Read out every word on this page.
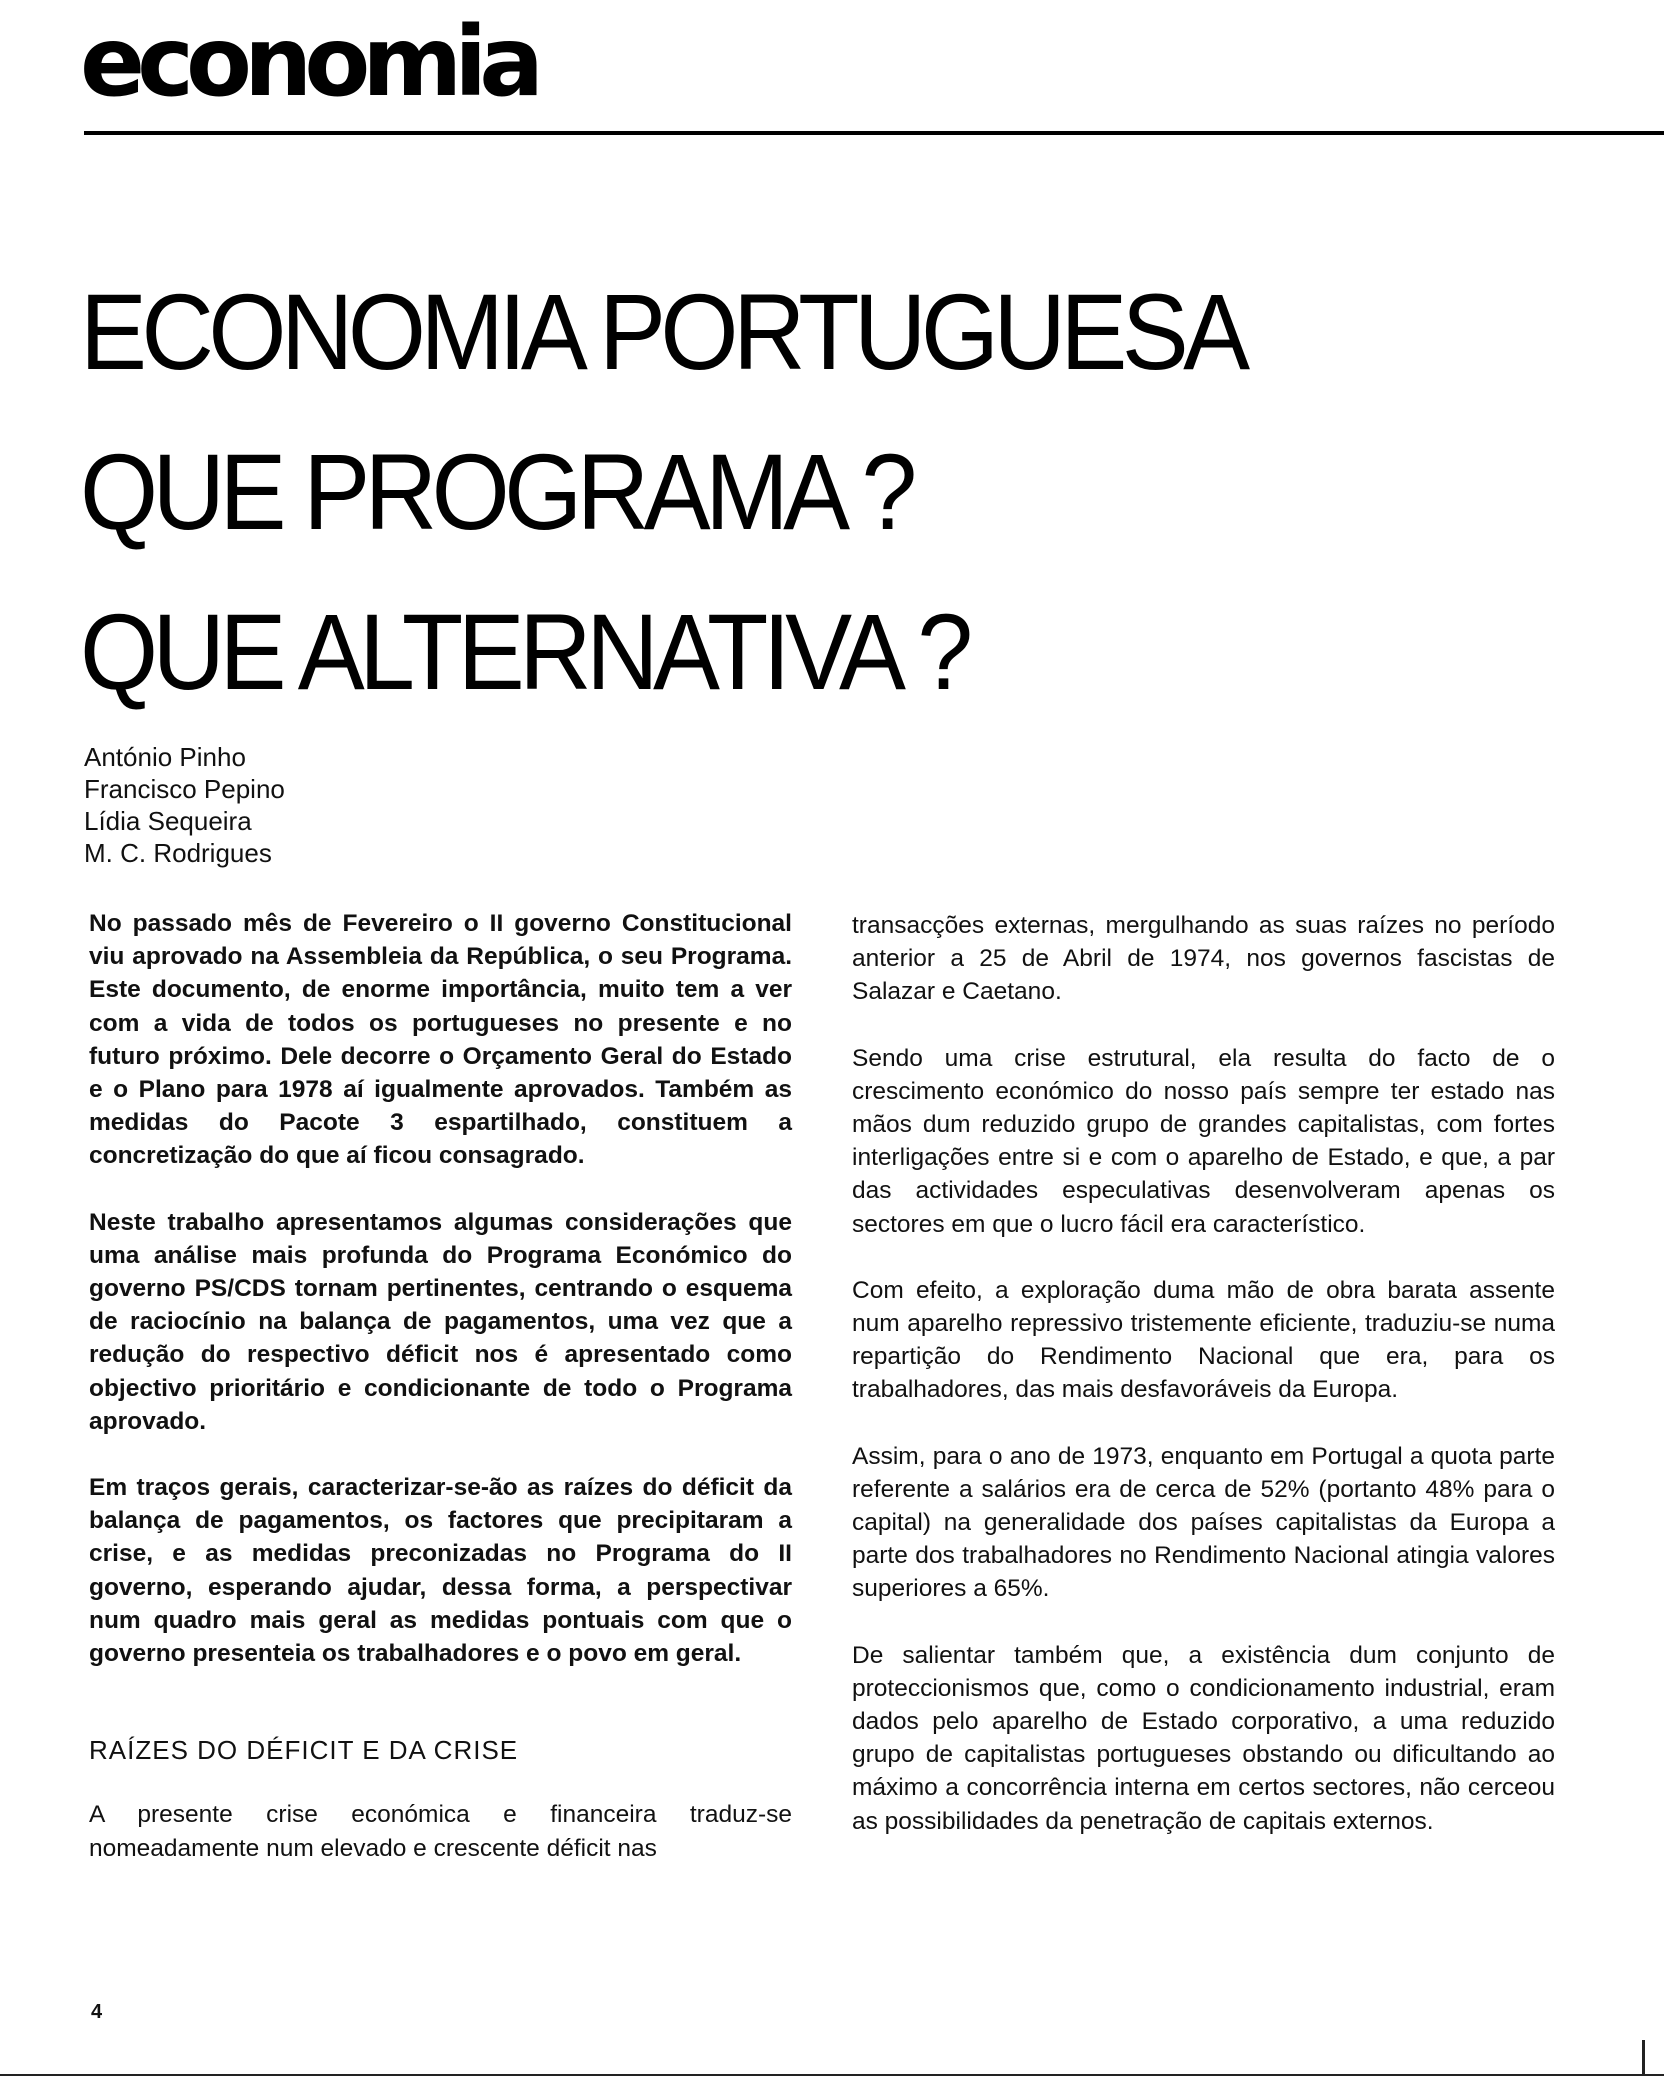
economia
ECONOMIA PORTUGUESA
QUE PROGRAMA ?
QUE ALTERNATIVA ?
António Pinho
Francisco Pepino
Lídia Sequeira
M. C. Rodrigues

No passado mês de Fevereiro o II governo Constitucional viu aprovado na Assembleia da República, o seu Programa. Este documento, de enorme importância, muito tem a ver com a vida de todos os portugueses no presente e no futuro próximo. Dele decorre o Orçamento Geral do Estado e o Plano para 1978 aí igualmente aprovados. Também as medidas do Pacote 3 espartilhado, constituem a concretização do que aí ficou consagrado.

Neste trabalho apresentamos algumas considerações que uma análise mais profunda do Programa Económico do governo PS/CDS tornam pertinentes, centrando o esquema de raciocínio na balança de pagamentos, uma vez que a redução do respectivo déficit nos é apresentado como objectivo prioritário e condicionante de todo o Programa aprovado.

Em traços gerais, caracterizar-se-ão as raízes do déficit da balança de pagamentos, os factores que precipitaram a crise, e as medidas preconizadas no Programa do II governo, esperando ajudar, dessa forma, a perspectivar num quadro mais geral as medidas pontuais com que o governo presenteia os trabalhadores e o povo em geral.

RAÍZES DO DÉFICIT E DA CRISE

A presente crise económica e financeira traduz-se nomeadamente num elevado e crescente déficit nas

transacções externas, mergulhando as suas raízes no período anterior a 25 de Abril de 1974, nos governos fascistas de Salazar e Caetano.

Sendo uma crise estrutural, ela resulta do facto de o crescimento económico do nosso país sempre ter estado nas mãos dum reduzido grupo de grandes capitalistas, com fortes interligações entre si e com o aparelho de Estado, e que, a par das actividades especulativas desenvolveram apenas os sectores em que o lucro fácil era característico.

Com efeito, a exploração duma mão de obra barata assente num aparelho repressivo tristemente eficiente, traduziu-se numa repartição do Rendimento Nacional que era, para os trabalhadores, das mais desfavoráveis da Europa.

Assim, para o ano de 1973, enquanto em Portugal a quota parte referente a salários era de cerca de 52% (portanto 48% para o capital) na generalidade dos países capitalistas da Europa a parte dos trabalhadores no Rendimento Nacional atingia valores superiores a 65%.

De salientar também que, a existência dum conjunto de proteccionismos que, como o condicionamento industrial, eram dados pelo aparelho de Estado corporativo, a uma reduzido grupo de capitalistas portugueses obstando ou dificultando ao máximo a concorrência interna em certos sectores, não cerceou as possibilidades da penetração de capitais externos.

4
